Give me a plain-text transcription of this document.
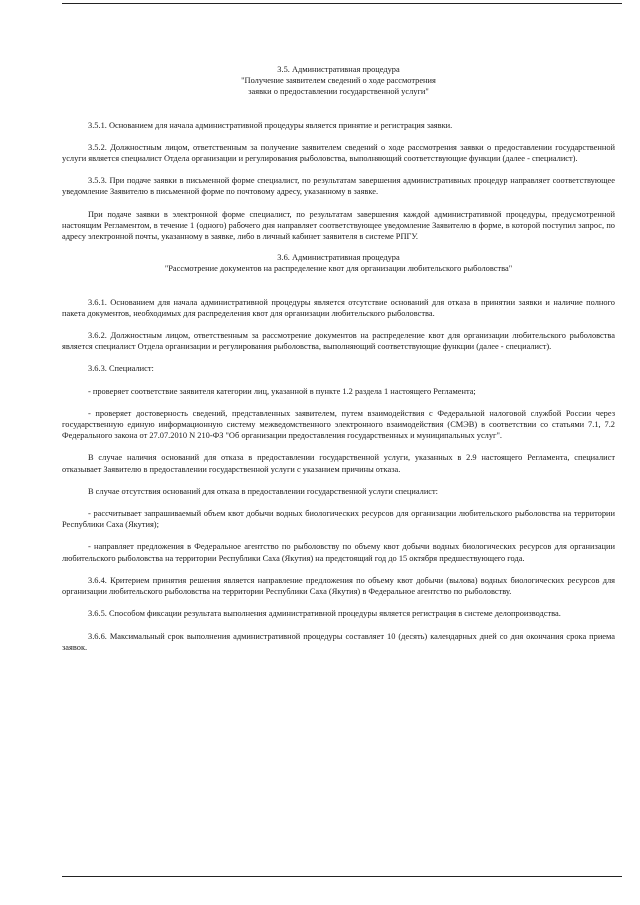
3.5. Административная процедура
"Получение заявителем сведений о ходе рассмотрения
заявки о предоставлении государственной услуги"

3.5.1. Основанием для начала административной процедуры является принятие и регистрация заявки.

3.5.2. Должностным лицом, ответственным за получение заявителем сведений о ходе рассмотрения заявки о предоставлении государственной услуги является специалист Отдела организации и регулирования рыболовства, выполняющий соответствующие функции (далее - специалист).

3.5.3. При подаче заявки в письменной форме специалист, по результатам завершения административных процедур направляет соответствующее уведомление Заявителю в письменной форме по почтовому адресу, указанному в заявке.

При подаче заявки в электронной форме специалист, по результатам завершения каждой административной процедуры, предусмотренной настоящим Регламентом, в течение 1 (одного) рабочего дня направляет соответствующее уведомление Заявителю в форме, в которой поступил запрос, по адресу электронной почты, указанному в заявке, либо в личный кабинет заявителя в системе РПГУ.

3.6. Административная процедура
"Рассмотрение документов на распределение квот для организации любительского рыболовства"

3.6.1. Основанием для начала административной процедуры является отсутствие оснований для отказа в принятии заявки и наличие полного пакета документов, необходимых для распределения квот для организации любительского рыболовства.

3.6.2. Должностным лицом, ответственным за рассмотрение документов на распределение квот для организации любительского рыболовства является специалист Отдела организации и регулирования рыболовства, выполняющий соответствующие функции (далее - специалист).

3.6.3. Специалист:

- проверяет соответствие заявителя категории лиц, указанной в пункте 1.2 раздела 1 настоящего Регламента;

- проверяет достоверность сведений, представленных заявителем, путем взаимодействия с Федеральной налоговой службой России через государственную единую информационную систему межведомственного электронного взаимодействия (СМЭВ) в соответствии со статьями 7.1, 7.2 Федерального закона от 27.07.2010 N 210-ФЗ "Об организации предоставления государственных и муниципальных услуг".

В случае наличия оснований для отказа в предоставлении государственной услуги, указанных в 2.9 настоящего Регламента, специалист отказывает Заявителю в предоставлении государственной услуги с указанием причины отказа.

В случае отсутствия оснований для отказа в предоставлении государственной услуги специалист:

- рассчитывает запрашиваемый объем квот добычи водных биологических ресурсов для организации любительского рыболовства на территории Республики Саха (Якутия);

- направляет предложения в Федеральное агентство по рыболовству по объему квот добычи водных биологических ресурсов для организации любительского рыболовства на территории Республики Саха (Якутия) на предстоящий год до 15 октября предшествующего года.

3.6.4. Критерием принятия решения является направление предложения по объему квот добычи (вылова) водных биологических ресурсов для организации любительского рыболовства на территории Республики Саха (Якутия) в Федеральное агентство по рыболовству.

3.6.5. Способом фиксации результата выполнения административной процедуры является регистрация в системе делопроизводства.

3.6.6. Максимальный срок выполнения административной процедуры составляет 10 (десять) календарных дней со дня окончания срока приема заявок.
